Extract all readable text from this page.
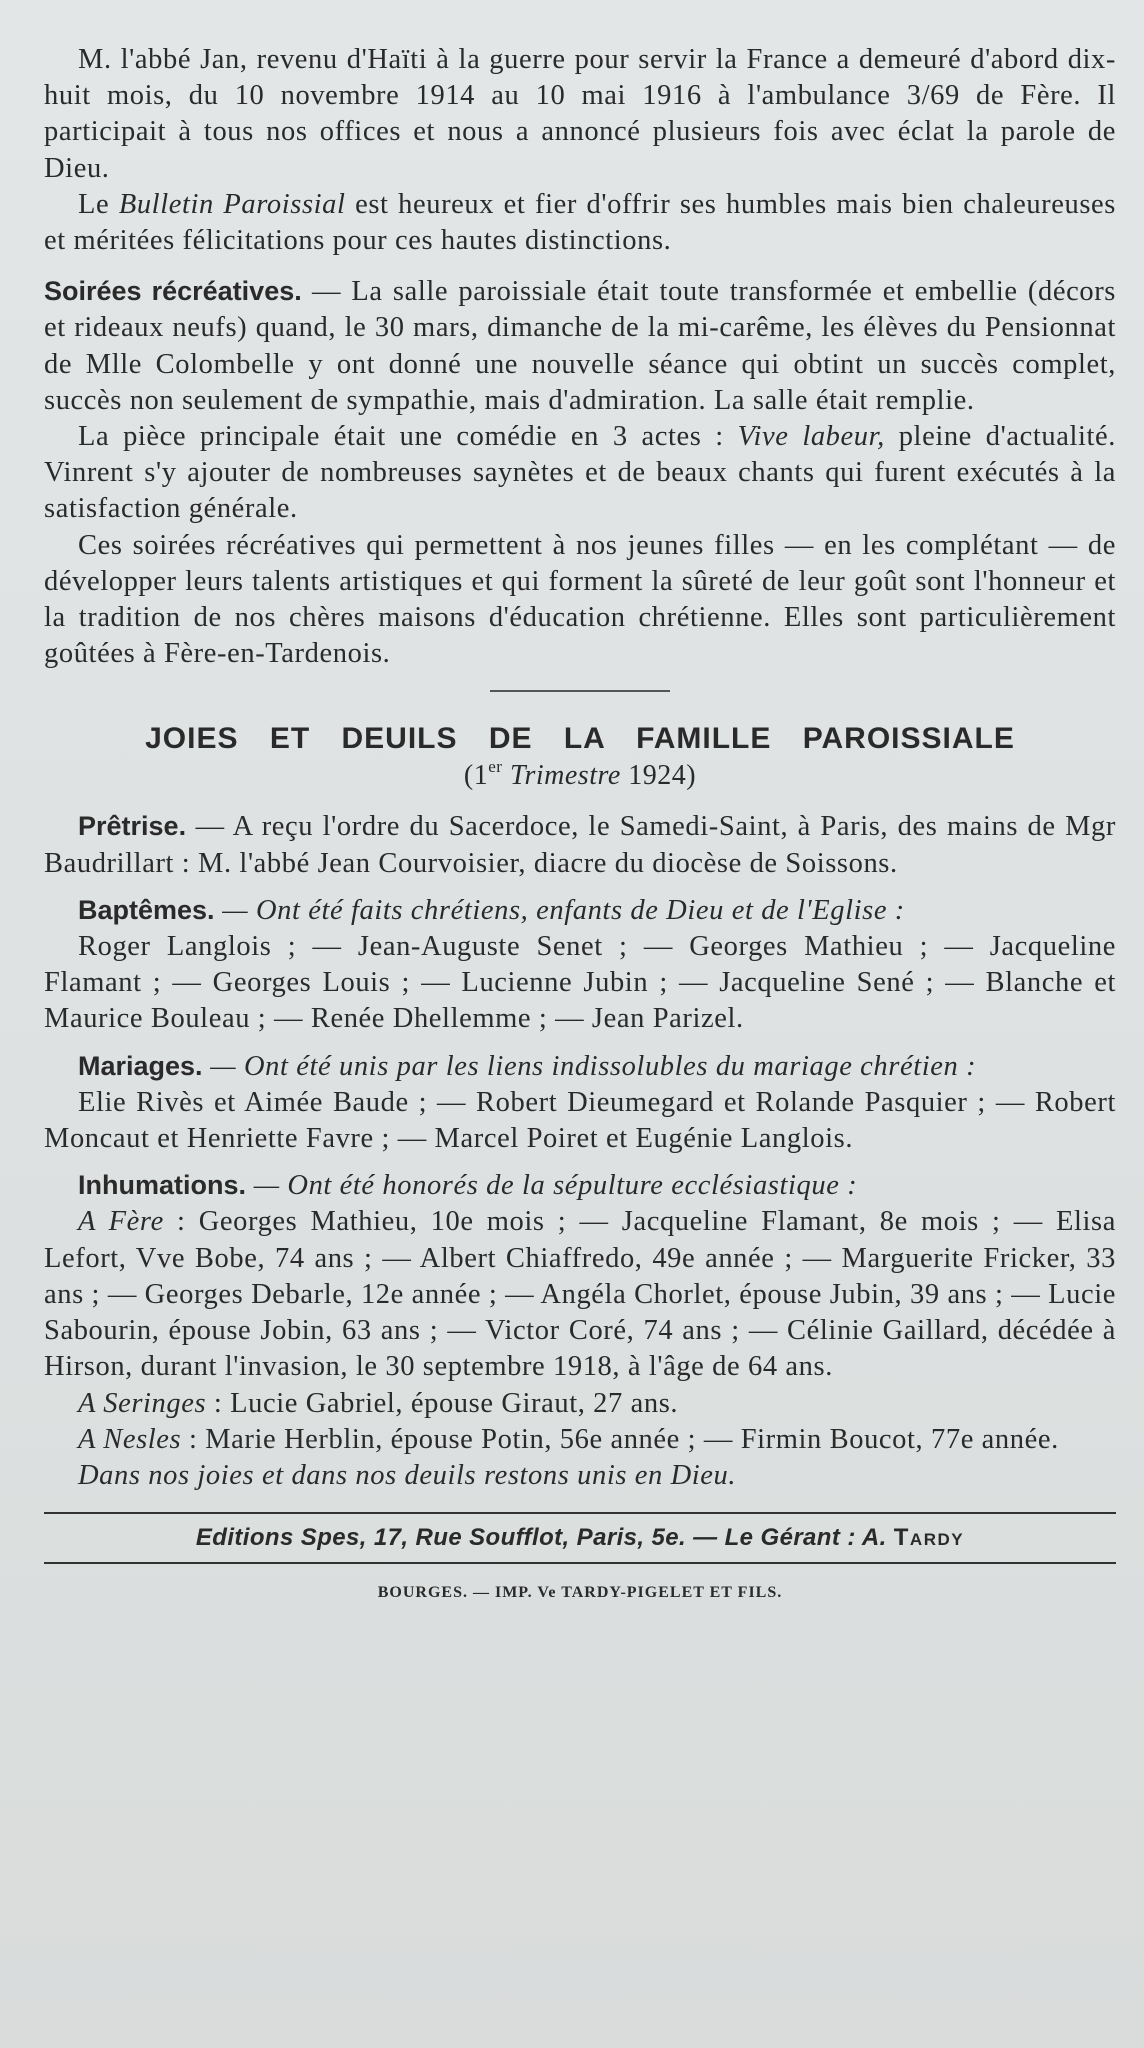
M. l'abbé Jan, revenu d'Haïti à la guerre pour servir la France a demeuré d'abord dix-huit mois, du 10 novembre 1914 au 10 mai 1916 à l'ambulance 3/69 de Fère. Il participait à tous nos offices et nous a annoncé plusieurs fois avec éclat la parole de Dieu.

Le Bulletin Paroissial est heureux et fier d'offrir ses humbles mais bien chaleureuses et méritées félicitations pour ces hautes distinctions.

Soirées récréatives. — La salle paroissiale était toute transformée et embellie (décors et rideaux neufs) quand, le 30 mars, dimanche de la mi-carême, les élèves du Pensionnat de Mlle Colombelle y ont donné une nouvelle séance qui obtint un succès complet, succès non seulement de sympathie, mais d'admiration. La salle était remplie.

La pièce principale était une comédie en 3 actes : Vive labeur, pleine d'actualité. Vinrent s'y ajouter de nombreuses saynètes et de beaux chants qui furent exécutés à la satisfaction générale.

Ces soirées récréatives qui permettent à nos jeunes filles — en les complétant — de développer leurs talents artistiques et qui forment la sûreté de leur goût sont l'honneur et la tradition de nos chères maisons d'éducation chrétienne. Elles sont particulièrement goûtées à Fère-en-Tardenois.

JOIES ET DEUILS DE LA FAMILLE PAROISSIALE

(1er Trimestre 1924)

Prêtrise. — A reçu l'ordre du Sacerdoce, le Samedi-Saint, à Paris, des mains de Mgr Baudrillart : M. l'abbé Jean Courvoisier, diacre du diocèse de Soissons.

Baptêmes. — Ont été faits chrétiens, enfants de Dieu et de l'Eglise :

Roger Langlois ; — Jean-Auguste Senet ; — Georges Mathieu ; — Jacqueline Flamant ; — Georges Louis ; — Lucienne Jubin ; — Jacqueline Sené ; — Blanche et Maurice Bouleau ; — Renée Dhellemme ; — Jean Parizel.

Mariages. — Ont été unis par les liens indissolubles du mariage chrétien :

Elie Rivès et Aimée Baude ; — Robert Dieumegard et Rolande Pasquier ; — Robert Moncaut et Henriette Favre ; — Marcel Poiret et Eugénie Langlois.

Inhumations. — Ont été honorés de la sépulture ecclésiastique :

A Fère : Georges Mathieu, 10e mois ; — Jacqueline Flamant, 8e mois ; — Elisa Lefort, Vve Bobe, 74 ans ; — Albert Chiaffredo, 49e année ; — Marguerite Fricker, 33 ans ; — Georges Debarle, 12e année ; — Angéla Chorlet, épouse Jubin, 39 ans ; — Lucie Sabourin, épouse Jobin, 63 ans ; — Victor Coré, 74 ans ; — Célinie Gaillard, décédée à Hirson, durant l'invasion, le 30 septembre 1918, à l'âge de 64 ans.

A Seringes : Lucie Gabriel, épouse Giraut, 27 ans.

A Nesles : Marie Herblin, épouse Potin, 56e année ; — Firmin Boucot, 77e année.

Dans nos joies et dans nos deuils restons unis en Dieu.

Editions Spes, 17, Rue Soufflot, Paris, 5e. — Le Gérant : A. Tardy

BOURGES. — IMP. Ve TARDY-PIGELET ET FILS.
